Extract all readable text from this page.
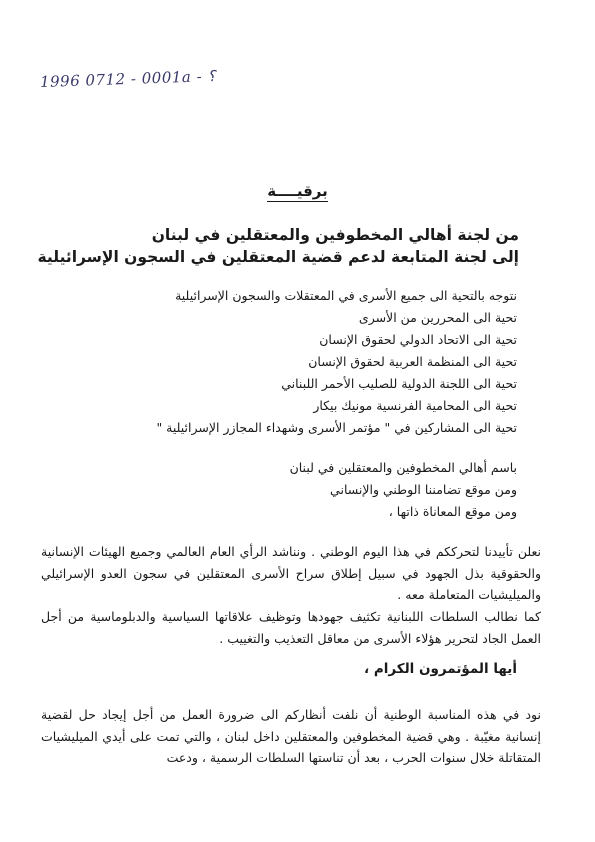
1996 0712 - 0001a - ؟
برقيــــة
من لجنة أهالي المخطوفين والمعتقلين في لبنان
إلى لجنة المتابعة لدعم قضية المعتقلين في السجون الإسرائيلية
نتوجه بالتحية الى جميع الأسرى في المعتقلات والسجون الإسرائيلية
تحية الى المحررين من الأسرى
تحية الى الاتحاد الدولي لحقوق الإنسان
تحية الى المنظمة العربية لحقوق الإنسان
تحية الى اللجنة الدولية للصليب الأحمر اللبناني
تحية الى المحامية الفرنسية مونيك بيكار
تحية الى المشاركين في " مؤتمر الأسرى وشهداء المجازر الإسرائيلية "
باسم أهالي المخطوفين والمعتقلين في لبنان
ومن موقع تضامننا الوطني والإنساني
ومن موقع المعاناة ذاتها ،
نعلن تأييدنا لتحرككم في هذا اليوم الوطني . ونناشد الرأي العام العالمي وجميع الهيئات الإنسانية والحقوقية بذل الجهود في سبيل إطلاق سراح الأسرى المعتقلين في سجون العدو الإسرائيلي والميليشيات المتعاملة معه .
كما نطالب السلطات اللبنانية تكثيف جهودها وتوظيف علاقاتها السياسية والدبلوماسية من أجل العمل الجاد لتحرير هؤلاء الأسرى من معاقل التعذيب والتغييب .
أيها المؤتمرون الكرام ،
نود في هذه المناسبة الوطنية أن نلفت أنظاركم الى ضرورة العمل من أجل إيجاد حل لقضية إنسانية مغيّبة . وهي قضية المخطوفين والمعتقلين داخل لبنان ، والتي تمت على أيدي الميليشيات المتقاتلة خلال سنوات الحرب ، بعد أن تناستها السلطات الرسمية ، ودعت
